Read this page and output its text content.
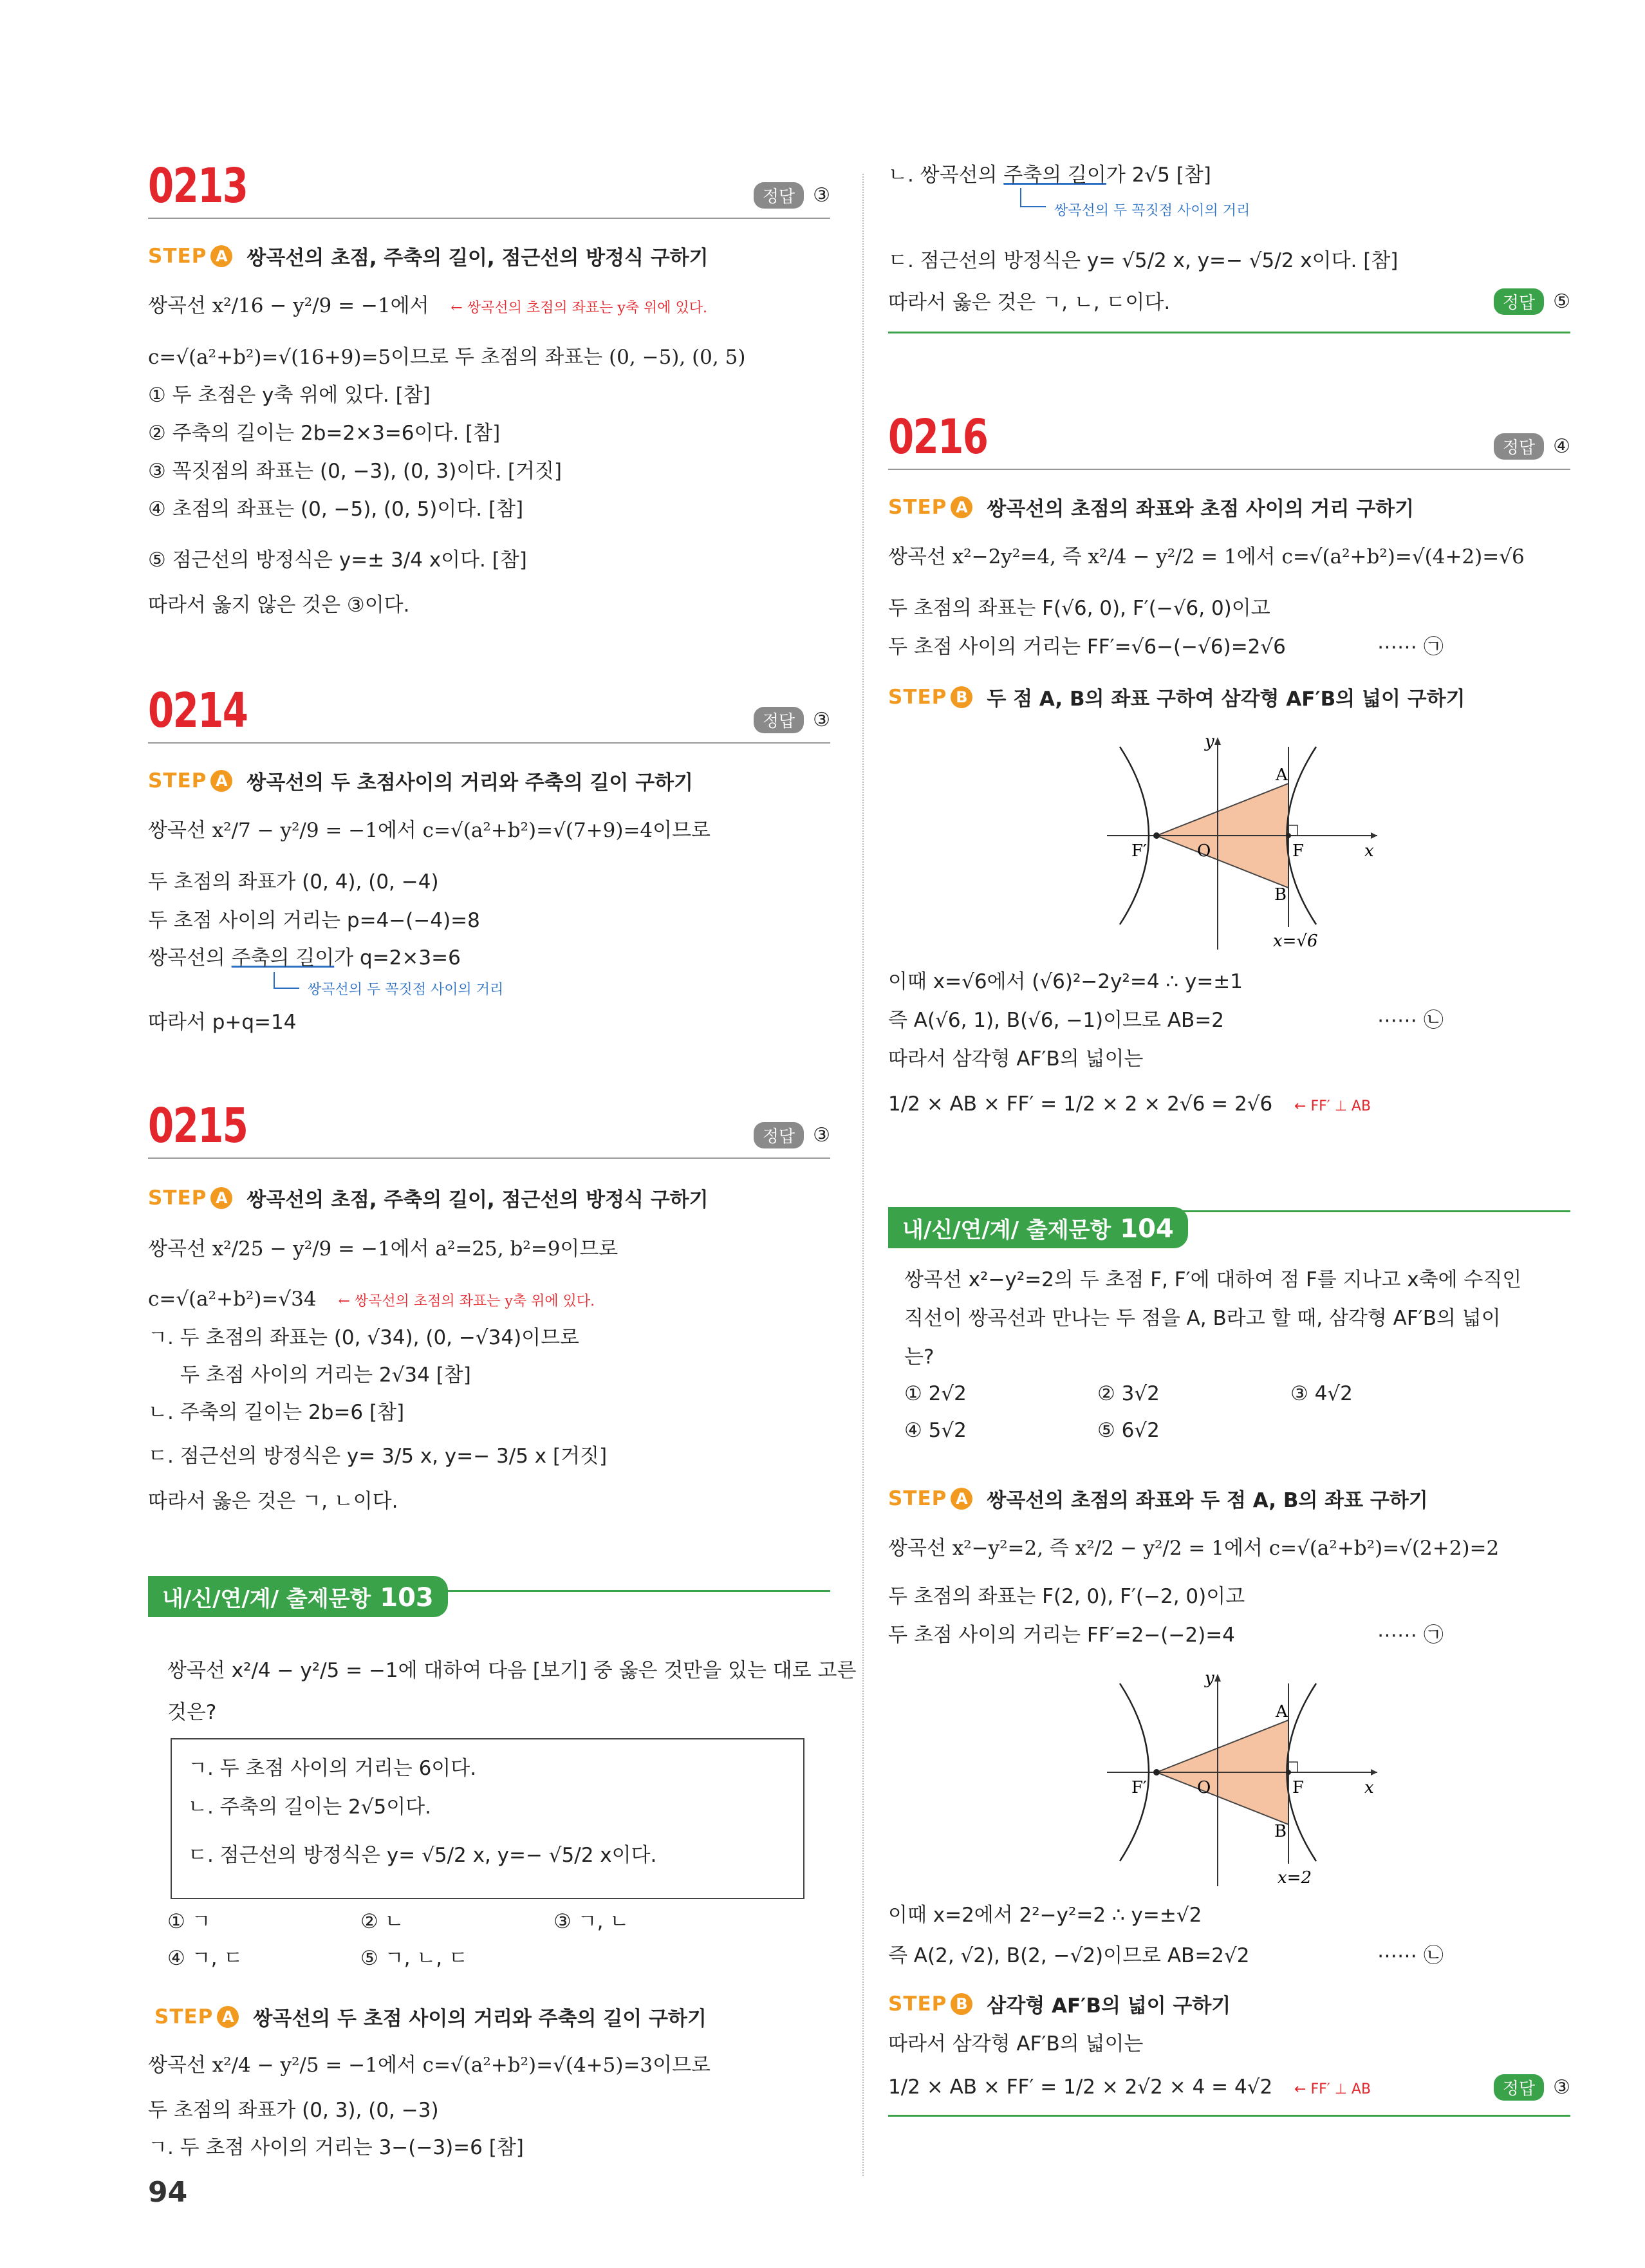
0213	정답 ③
STEP A 쌍곡선의 초점, 주축의 길이, 점근선의 방정식 구하기
쌍곡선 x²/16 − y²/9 = −1에서 ← 쌍곡선의 초점의 좌표는 y축 위에 있다.
c=√(a²+b²)=√(16+9)=5이므로 두 초점의 좌표는 (0, −5), (0, 5)
① 두 초점은 y축 위에 있다. [참]
② 주축의 길이는 2b=2×3=6이다. [참]
③ 꼭짓점의 좌표는 (0, −3), (0, 3)이다. [거짓]
④ 초점의 좌표는 (0, −5), (0, 5)이다. [참]
⑤ 점근선의 방정식은 y=± 3/4 x이다. [참]
따라서 옳지 않은 것은 ③이다.
0214	정답 ③
STEP A 쌍곡선의 두 초점사이의 거리와 주축의 길이 구하기
쌍곡선 x²/7 − y²/9 = −1에서 c=√(a²+b²)=√(7+9)=4이므로
두 초점의 좌표가 (0, 4), (0, −4)
두 초점 사이의 거리는 p=4−(−4)=8
쌍곡선의 주축의 길이가 q=2×3=6
쌍곡선의 두 꼭짓점 사이의 거리
따라서 p+q=14
0215	정답 ③
STEP A 쌍곡선의 초점, 주축의 길이, 점근선의 방정식 구하기
쌍곡선 x²/25 − y²/9 = −1에서 a²=25, b²=9이므로
c=√(a²+b²)=√34 ← 쌍곡선의 초점의 좌표는 y축 위에 있다.
ㄱ. 두 초점의 좌표는 (0, √34), (0, −√34)이므로
두 초점 사이의 거리는 2√34 [참]
ㄴ. 주축의 길이는 2b=6 [참]
ㄷ. 점근선의 방정식은 y= 3/5 x, y=− 3/5 x [거짓]
따라서 옳은 것은 ㄱ, ㄴ이다.
내/신/연/계/ 출제문항 103
쌍곡선 x²/4 − y²/5 = −1에 대하여 다음 [보기] 중 옳은 것만을 있는 대로 고른
것은?
ㄱ. 두 초점 사이의 거리는 6이다.
ㄴ. 주축의 길이는 2√5이다.
ㄷ. 점근선의 방정식은 y= √5/2 x, y=− √5/2 x이다.
① ㄱ	② ㄴ	③ ㄱ, ㄴ
④ ㄱ, ㄷ	⑤ ㄱ, ㄴ, ㄷ
STEP A 쌍곡선의 두 초점 사이의 거리와 주축의 길이 구하기
쌍곡선 x²/4 − y²/5 = −1에서 c=√(a²+b²)=√(4+5)=3이므로
두 초점의 좌표가 (0, 3), (0, −3)
ㄱ. 두 초점 사이의 거리는 3−(−3)=6 [참]
94
ㄴ. 쌍곡선의 주축의 길이가 2√5 [참]
쌍곡선의 두 꼭짓점 사이의 거리
ㄷ. 점근선의 방정식은 y= √5/2 x, y=− √5/2 x이다. [참]
따라서 옳은 것은 ㄱ, ㄴ, ㄷ이다.	정답 ⑤
0216	정답 ④
STEP A 쌍곡선의 초점의 좌표와 초점 사이의 거리 구하기
쌍곡선 x²−2y²=4, 즉 x²/4 − y²/2 = 1에서 c=√(a²+b²)=√(4+2)=√6
두 초점의 좌표는 F(√6, 0), F′(−√6, 0)이고
두 초점 사이의 거리는 FF′=√6−(−√6)=2√6	⋯⋯ ㉠
STEP B 두 점 A, B의 좌표 구하여 삼각형 AF′B의 넓이 구하기
y
x
O
A
B
F
F′
x=√6
이때 x=√6에서 (√6)²−2y²=4 ∴ y=±1
즉 A(√6, 1), B(√6, −1)이므로 AB=2	⋯⋯ ㉡
따라서 삼각형 AF′B의 넓이는
1/2 × AB × FF′ = 1/2 × 2 × 2√6 = 2√6 ← FF′ ⊥ AB
내/신/연/계/ 출제문항 104
쌍곡선 x²−y²=2의 두 초점 F, F′에 대하여 점 F를 지나고 x축에 수직인
직선이 쌍곡선과 만나는 두 점을 A, B라고 할 때, 삼각형 AF′B의 넓이
는?
① 2√2	② 3√2	③ 4√2
④ 5√2	⑤ 6√2
STEP A 쌍곡선의 초점의 좌표와 두 점 A, B의 좌표 구하기
쌍곡선 x²−y²=2, 즉 x²/2 − y²/2 = 1에서 c=√(a²+b²)=√(2+2)=2
두 초점의 좌표는 F(2, 0), F′(−2, 0)이고
두 초점 사이의 거리는 FF′=2−(−2)=4	⋯⋯ ㉠
y
x
O
A
B
F
F′
x=2
이때 x=2에서 2²−y²=2 ∴ y=±√2
즉 A(2, √2), B(2, −√2)이므로 AB=2√2	⋯⋯ ㉡
STEP B 삼각형 AF′B의 넓이 구하기
따라서 삼각형 AF′B의 넓이는
1/2 × AB × FF′ = 1/2 × 2√2 × 4 = 4√2 ← FF′ ⊥ AB	정답 ③
